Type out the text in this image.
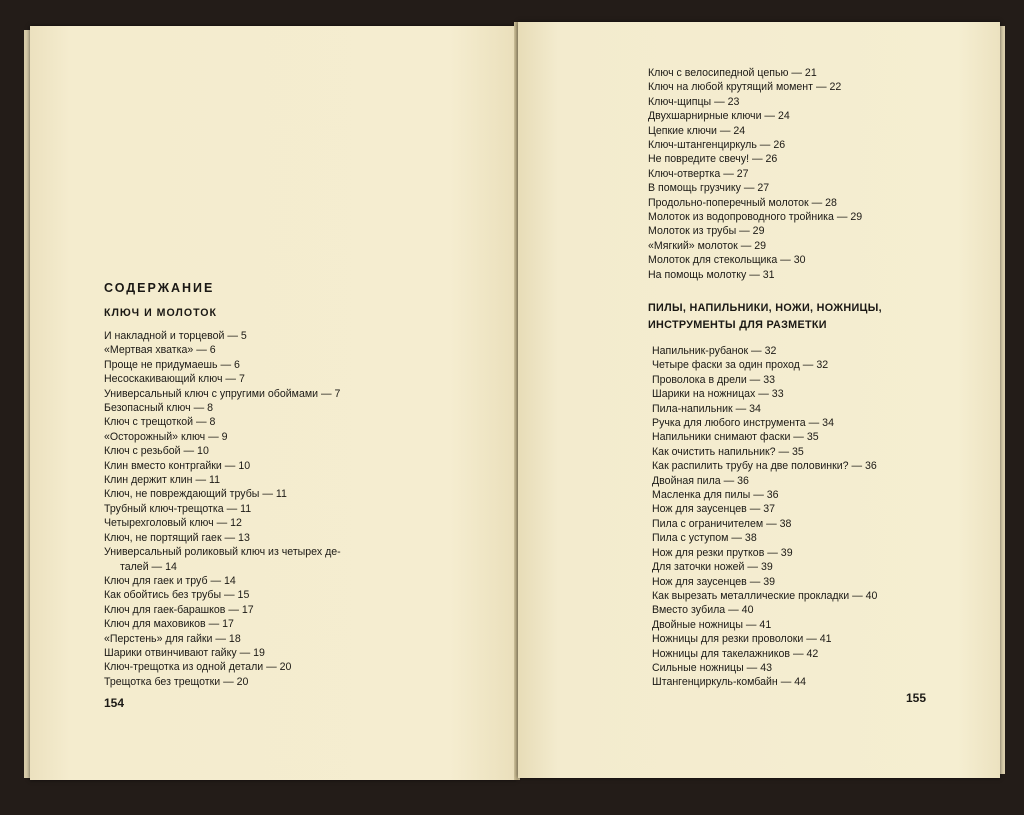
СОДЕРЖАНИЕ
КЛЮЧ И МОЛОТОК
И накладной и торцевой — 5
«Мертвая хватка» — 6
Проще не придумаешь — 6
Несоскакивающий ключ — 7
Универсальный ключ с упругими обоймами — 7
Безопасный ключ — 8
Ключ с трещоткой — 8
«Осторожный» ключ — 9
Ключ с резьбой — 10
Клин вместо контргайки — 10
Клин держит клин — 11
Ключ, не повреждающий трубы — 11
Трубный ключ-трещотка — 11
Четырехголовый ключ — 12
Ключ, не портящий гаек — 13
Универсальный роликовый ключ из четырех де-
талей — 14
Ключ для гаек и труб — 14
Как обойтись без трубы — 15
Ключ для гаек-барашков — 17
Ключ для маховиков — 17
«Перстень» для гайки — 18
Шарики отвинчивают гайку — 19
Ключ-трещотка из одной детали — 20
Трещотка без трещотки — 20
154
Ключ с велосипедной цепью — 21
Ключ на любой крутящий момент — 22
Ключ-щипцы — 23
Двухшарнирные ключи — 24
Цепкие ключи — 24
Ключ-штангенциркуль — 26
Не повредите свечу! — 26
Ключ-отвертка — 27
В помощь грузчику — 27
Продольно-поперечный молоток — 28
Молоток из водопроводного тройника — 29
Молоток из трубы — 29
«Мягкий» молоток — 29
Молоток для стекольщика — 30
На помощь молотку — 31
ПИЛЫ, НАПИЛЬНИКИ, НОЖИ, НОЖНИЦЫ,
ИНСТРУМЕНТЫ ДЛЯ РАЗМЕТКИ
Напильник-рубанок — 32
Четыре фаски за один проход — 32
Проволока в дрели — 33
Шарики на ножницах — 33
Пила-напильник — 34
Ручка для любого инструмента — 34
Напильники снимают фаски — 35
Как очистить напильник? — 35
Как распилить трубу на две половинки? — 36
Двойная пила — 36
Масленка для пилы — 36
Нож для заусенцев — 37
Пила с ограничителем — 38
Пила с уступом — 38
Нож для резки прутков — 39
Для заточки ножей — 39
Нож для заусенцев — 39
Как вырезать металлические прокладки — 40
Вместо зубила — 40
Двойные ножницы — 41
Ножницы для резки проволоки — 41
Ножницы для такелажников — 42
Сильные ножницы — 43
Штангенциркуль-комбайн — 44
155
